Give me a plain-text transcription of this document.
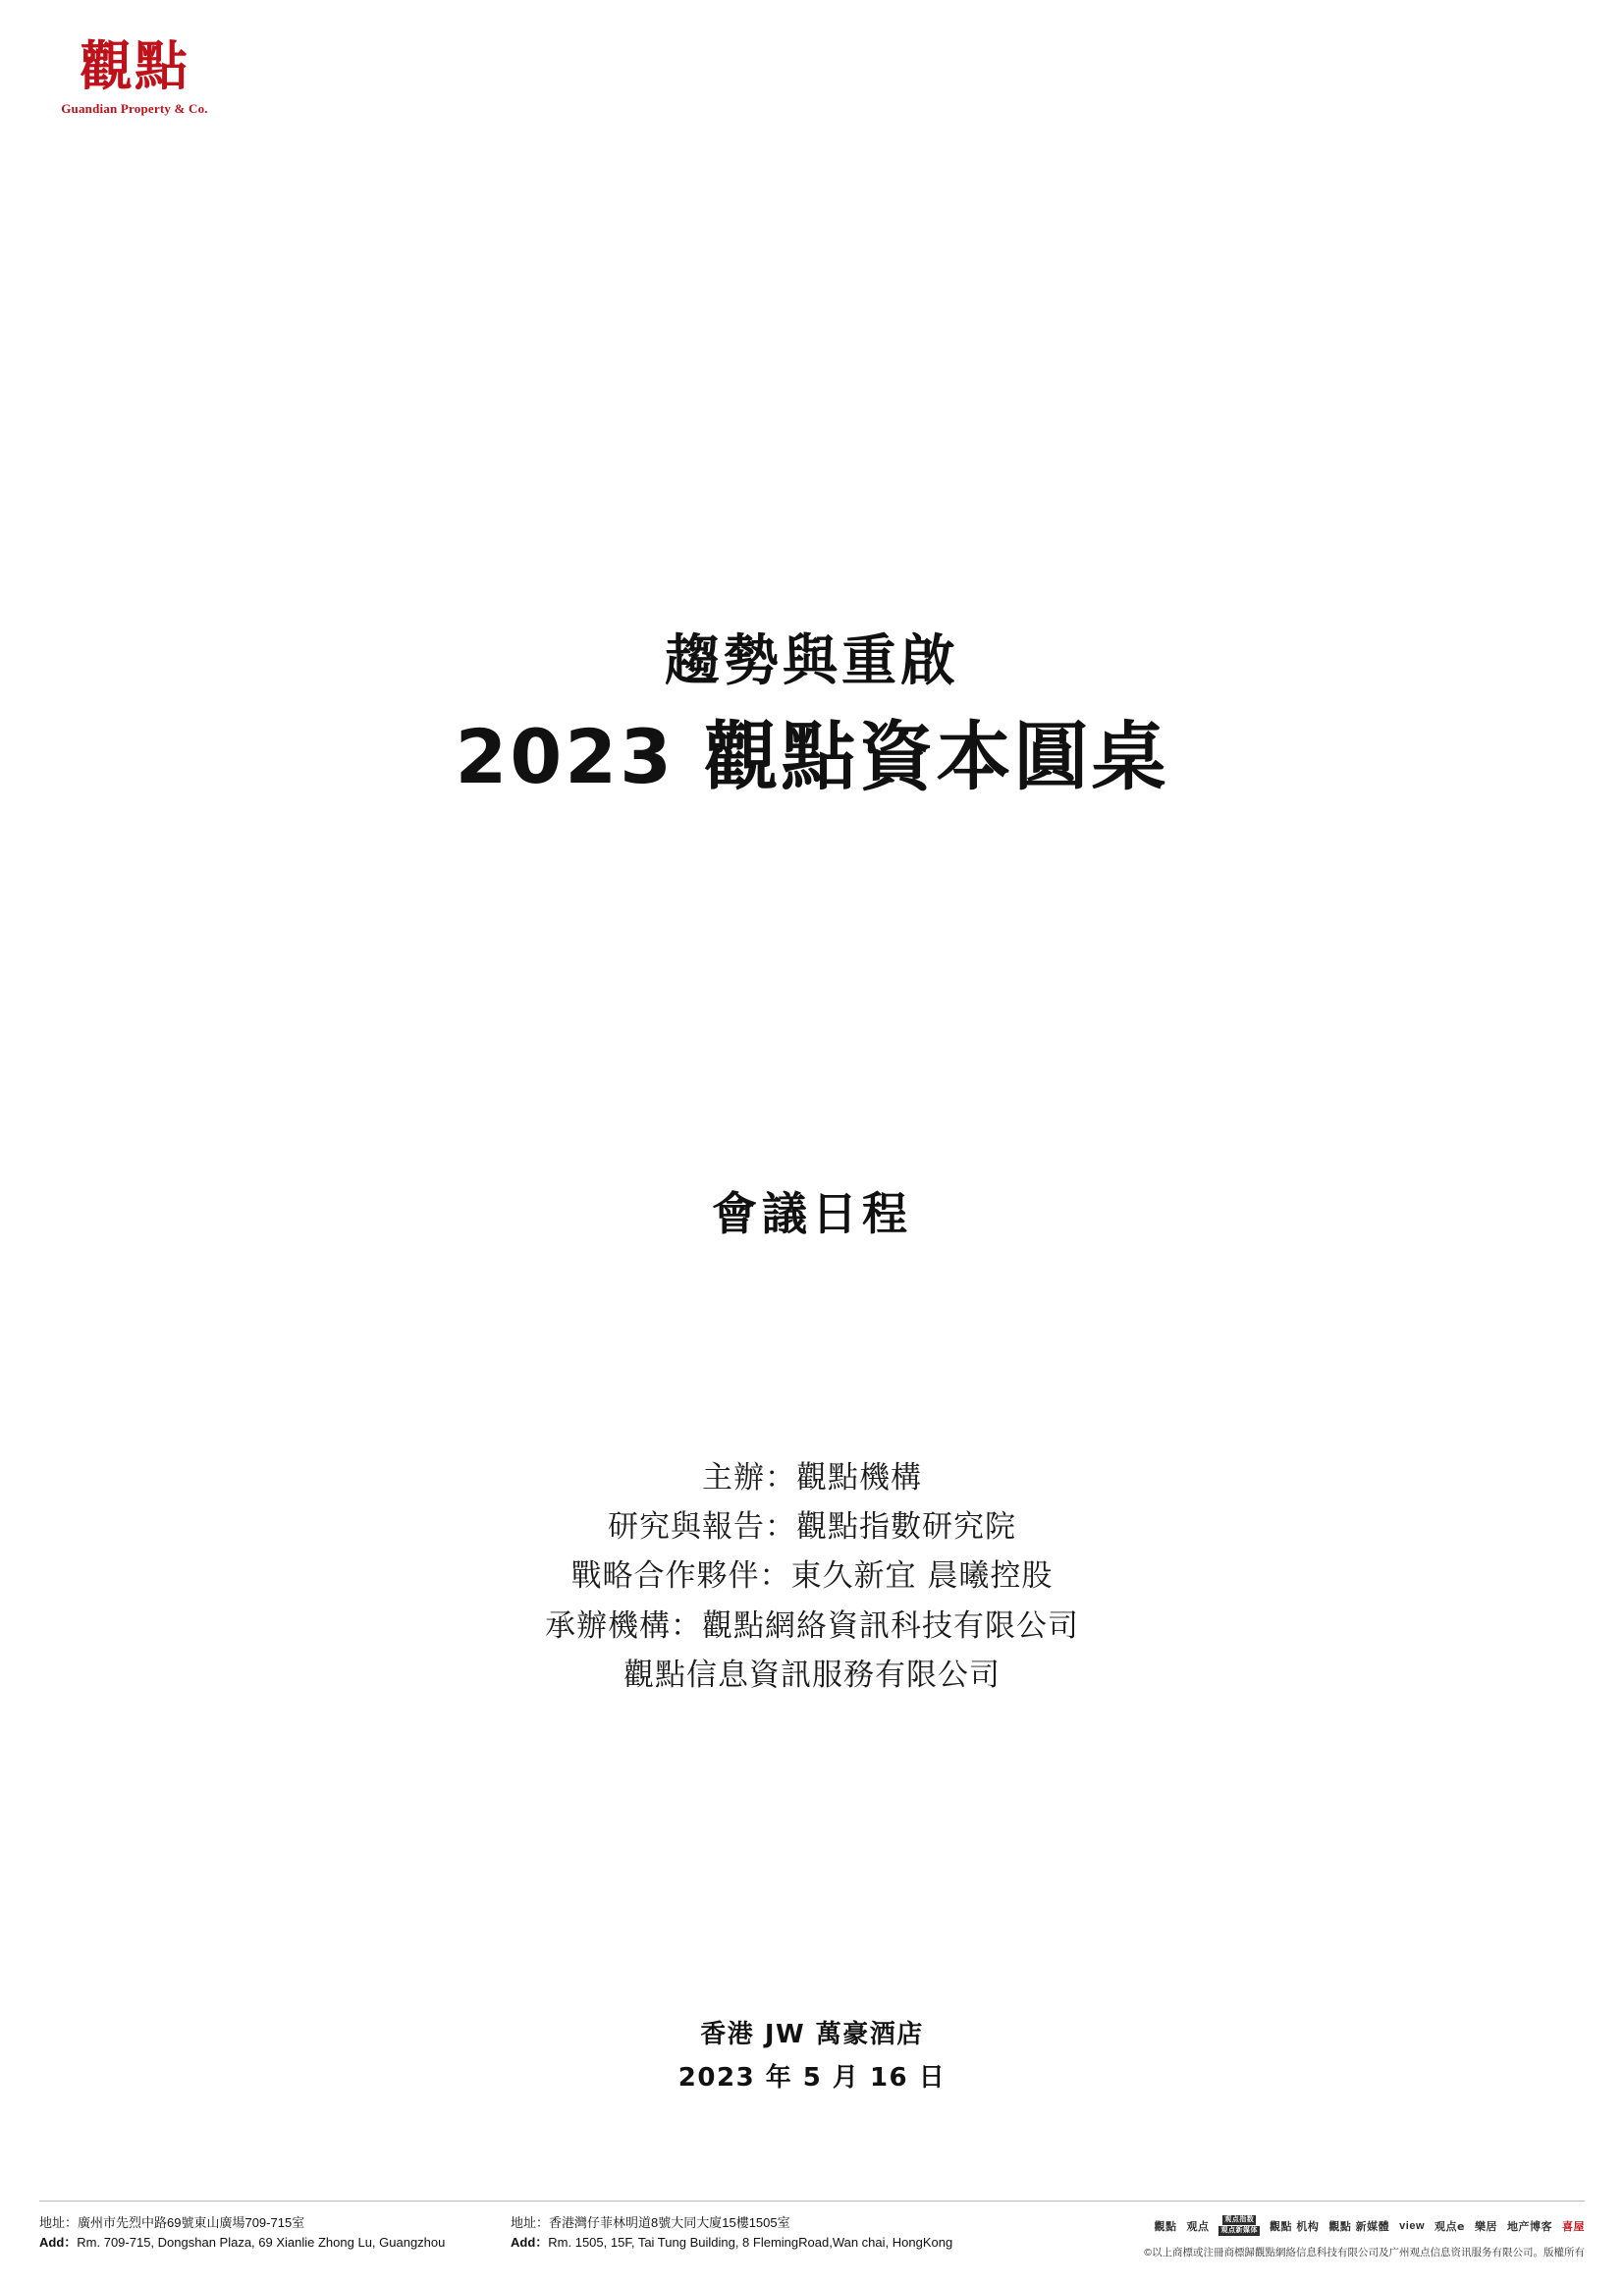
觀點
Guandian Property & Co.
趨勢與重啟
2023 觀點資本圓桌
會議日程
主辦：觀點機構
研究與報告：觀點指數研究院
戰略合作夥伴：東久新宜 晨曦控股
承辦機構：觀點網絡資訊科技有限公司
觀點信息資訊服務有限公司
香港 JW 萬豪酒店
2023 年 5 月 16 日
地址：廣州市先烈中路69號東山廣場709-715室
Add：Rm. 709-715, Dongshan Plaza, 69 Xianlie Zhong Lu, Guangzhou
地址：香港灣仔菲林明道8號大同大廈15樓1505室
Add：Rm. 1505, 15F, Tai Tung Building, 8 FlemingRoad,Wan chai, HongKong
觀點 观点
观点指数
观点新媒体 觀點 机构 觀點 新媒體 view 观点e 樂居 地产博客 喜屋
©以上商標或注冊商標歸觀點網絡信息科技有限公司及广州观点信息资讯服务有限公司。版權所有
